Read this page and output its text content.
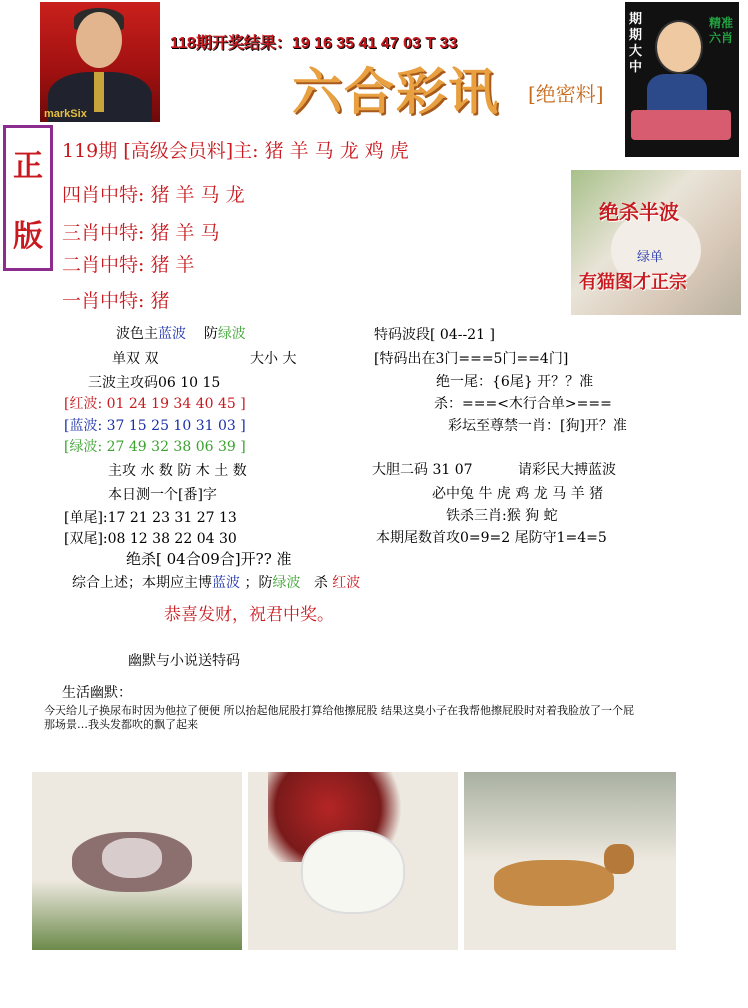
markSix
118期开奖结果：19 16 35 41 47 03 T 33
六合彩讯 [绝密料]
期期大中
精准六肖
正
版
119期 [高级会员料]主: 猪 羊 马 龙 鸡 虎
四肖中特: 猪 羊 马 龙
三肖中特: 猪 羊 马
二肖中特: 猪 羊
一肖中特: 猪
绝杀半波
绿单
有猫图才正宗
波色主蓝波 防绿波
单双 双	大小 大
三波主攻码06 10 15
[红波: 01 24 19 34 40 45 ]
[蓝波: 37 15 25 10 31 03 ]
[绿波: 27 49 32 38 06 39 ]
主攻 水 数 防 木 土 数
本日测一个[番]字
[单尾]:17 21 23 31 27 13
[双尾]:08 12 38 22 04 30
绝杀[ 04合09合]开?? 准
综合上述；本期应主博蓝波 ；防绿波 杀 红波
恭喜发财，祝君中奖。
特码波段[ 04--21 ]
[特码出在3门===5门==4门]
绝一尾：{6尾} 开？？准
杀：===<木行合单>===
彩坛至尊禁一肖：[狗]开？准
大胆二码 31 07	请彩民大搏蓝波
必中兔 牛 虎 鸡 龙 马 羊 猪
铁杀三肖:猴 狗 蛇
本期尾数首攻0=9=2 尾防守1=4=5
幽默与小说送特码
生活幽默：
今天给儿子换尿布时因为他拉了便便 所以抬起他屁股打算给他擦屁股 结果这臭小子在我帮他擦屁股时对着我脸放了一个屁
那场景…我头发都吹的飘了起来
